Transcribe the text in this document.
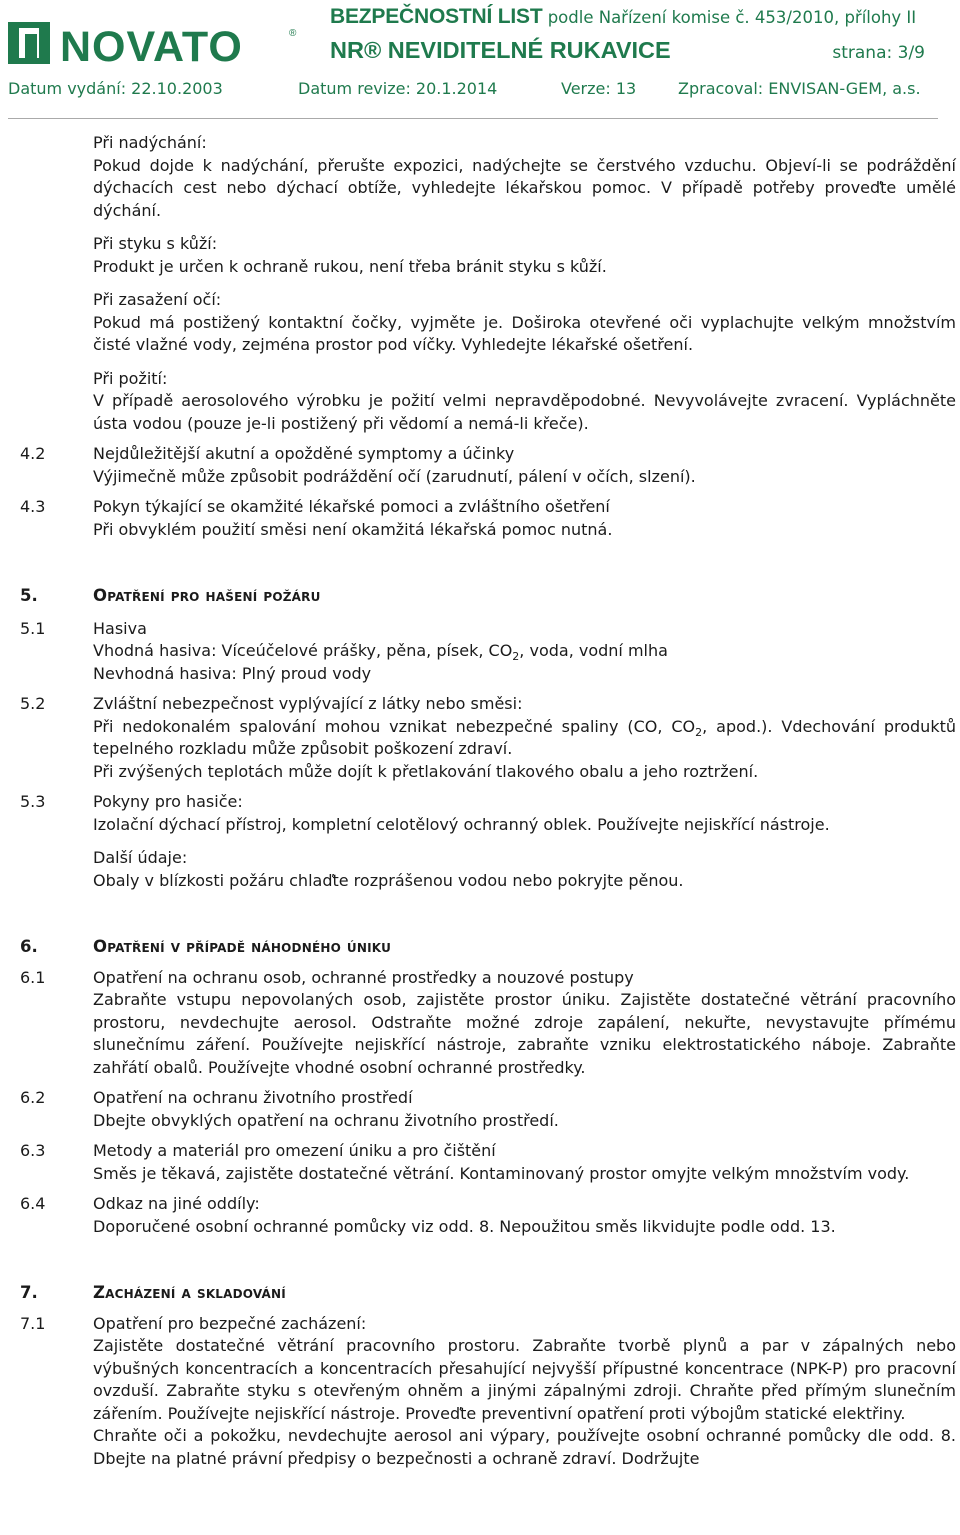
NOVATO	®
BEZPEČNOSTNÍ LIST podle Nařízení komise č. 453/2010, přílohy II
NR® NEVIDITELNÉ RUKAVICE	strana: 3/9
Datum vydání: 22.10.2003	Datum revize: 20.1.2014	Verze: 13	Zpracoval: ENVISAN-GEM, a.s.
Při nadýchání:
Pokud dojde k nadýchání, přerušte expozici, nadýchejte se čerstvého vzduchu. Objeví-li se podráždění dýchacích cest nebo dýchací obtíže, vyhledejte lékařskou pomoc. V případě potřeby proveďte umělé dýchání.
Při styku s kůží:
Produkt je určen k ochraně rukou, není třeba bránit styku s kůží.
Při zasažení očí:
Pokud má postižený kontaktní čočky, vyjměte je. Doširoka otevřené oči vyplachujte velkým množstvím čisté vlažné vody, zejména prostor pod víčky. Vyhledejte lékařské ošetření.
Při požití:
V případě aerosolového výrobku je požití velmi nepravděpodobné. Nevyvolávejte zvracení. Vypláchněte ústa vodou (pouze je-li postižený při vědomí a nemá-li křeče).
4.2	Nejdůležitější akutní a opožděné symptomy a účinky
Výjimečně může způsobit podráždění očí (zarudnutí, pálení v očích, slzení).
4.3	Pokyn týkající se okamžité lékařské pomoci a zvláštního ošetření
Při obvyklém použití směsi není okamžitá lékařská pomoc nutná.
5.	Opatření pro hašení požáru
5.1	Hasiva
Vhodná hasiva: Víceúčelové prášky, pěna, písek, $CO_2$, voda, vodní mlha
Nevhodná hasiva: Plný proud vody
5.2	Zvláštní nebezpečnost vyplývající z látky nebo směsi:
Při nedokonalém spalování mohou vznikat nebezpečné spaliny (CO, $CO_2$, apod.). Vdechování produktů tepelného rozkladu může způsobit poškození zdraví.
Při zvýšených teplotách může dojít k přetlakování tlakového obalu a jeho roztržení.
5.3	Pokyny pro hasiče:
Izolační dýchací přístroj, kompletní celotělový ochranný oblek. Používejte nejiskřící nástroje.
Další údaje:
Obaly v blízkosti požáru chlaďte rozprášenou vodou nebo pokryjte pěnou.
6.	Opatření v případě náhodného úniku
6.1	Opatření na ochranu osob, ochranné prostředky a nouzové postupy
Zabraňte vstupu nepovolaných osob, zajistěte prostor úniku. Zajistěte dostatečné větrání pracovního prostoru, nevdechujte aerosol. Odstraňte možné zdroje zapálení, nekuřte, nevystavujte přímému slunečnímu záření. Používejte nejiskřící nástroje, zabraňte vzniku elektrostatického náboje. Zabraňte zahřátí obalů. Používejte vhodné osobní ochranné prostředky.
6.2	Opatření na ochranu životního prostředí
Dbejte obvyklých opatření na ochranu životního prostředí.
6.3	Metody a materiál pro omezení úniku a pro čištění
Směs je těkavá, zajistěte dostatečné větrání. Kontaminovaný prostor omyjte velkým množstvím vody.
6.4	Odkaz na jiné oddíly:
Doporučené osobní ochranné pomůcky viz odd. 8. Nepoužitou směs likvidujte podle odd. 13.
7.	Zacházení a skladování
7.1	Opatření pro bezpečné zacházení:
Zajistěte dostatečné větrání pracovního prostoru. Zabraňte tvorbě plynů a par v zápalných nebo výbušných koncentracích a koncentracích přesahující nejvyšší přípustné koncentrace (NPK-P) pro pracovní ovzduší. Zabraňte styku s otevřeným ohněm a jinými zápalnými zdroji. Chraňte před přímým slunečním zářením. Používejte nejiskřící nástroje. Proveďte preventivní opatření proti výbojům statické elektřiny.
Chraňte oči a pokožku, nevdechujte aerosol ani výpary, používejte osobní ochranné pomůcky dle odd. 8. Dbejte na platné právní předpisy o bezpečnosti a ochraně zdraví. Dodržujte
